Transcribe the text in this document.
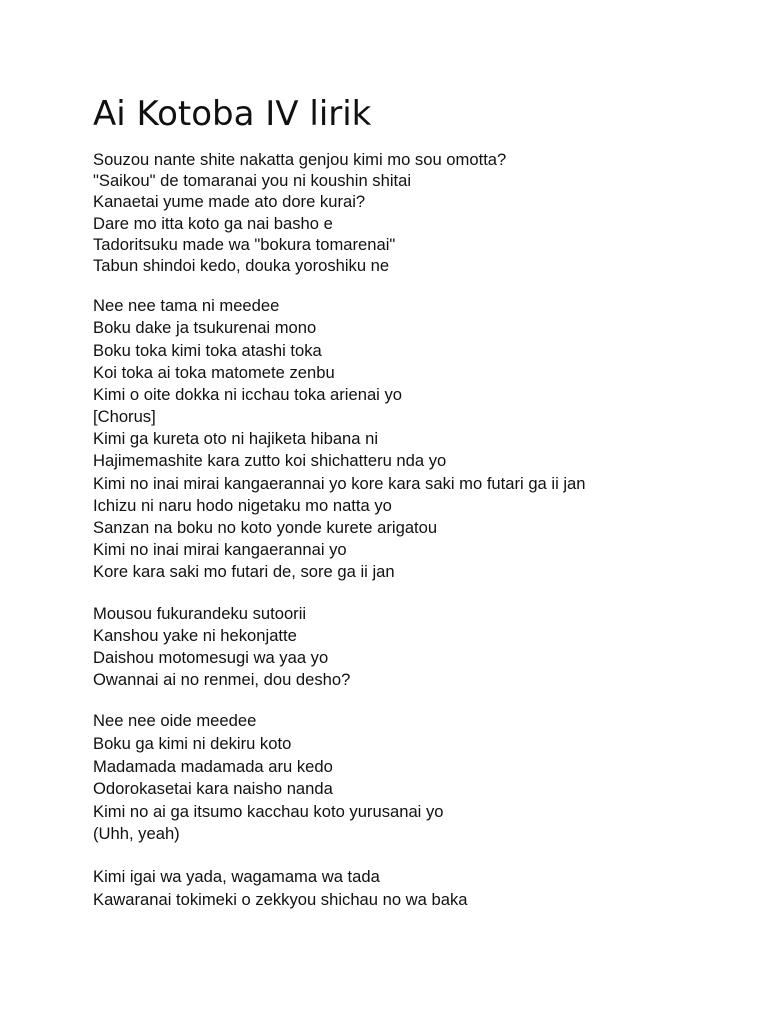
Ai Kotoba IV lirik
Souzou nante shite nakatta genjou kimi mo sou omotta?
"Saikou" de tomaranai you ni koushin shitai
Kanaetai yume made ato dore kurai?
Dare mo itta koto ga nai basho e
Tadoritsuku made wa "bokura tomarenai"
Tabun shindoi kedo, douka yoroshiku ne
Nee nee tama ni meedee
Boku dake ja tsukurenai mono
Boku toka kimi toka atashi toka
Koi toka ai toka matomete zenbu
Kimi o oite dokka ni icchau toka arienai yo
[Chorus]
Kimi ga kureta oto ni hajiketa hibana ni
Hajimemashite kara zutto koi shichatteru nda yo
Kimi no inai mirai kangaerannai yo kore kara saki mo futari ga ii jan
Ichizu ni naru hodo nigetaku mo natta yo
Sanzan na boku no koto yonde kurete arigatou
Kimi no inai mirai kangaerannai yo
Kore kara saki mo futari de, sore ga ii jan
Mousou fukurandeku sutoorii
Kanshou yake ni hekonjatte
Daishou motomesugi wa yaa yo
Owannai ai no renmei, dou desho?
Nee nee oide meedee
Boku ga kimi ni dekiru koto
Madamada madamada aru kedo
Odorokasetai kara naisho nanda
Kimi no ai ga itsumo kacchau koto yurusanai yo
(Uhh, yeah)
Kimi igai wa yada, wagamama wa tada
Kawaranai tokimeki o zekkyou shichau no wa baka
